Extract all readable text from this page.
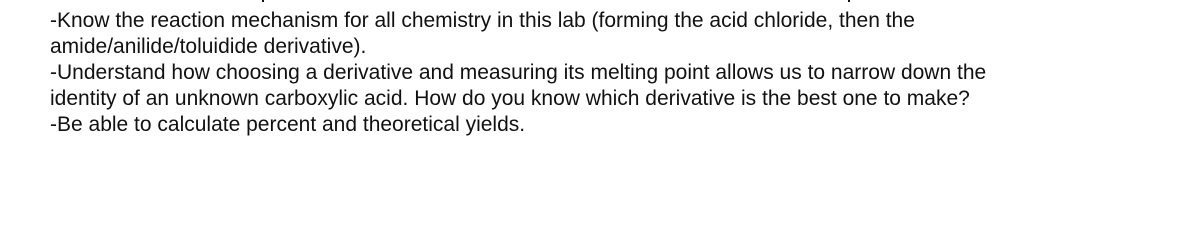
-Know the reaction mechanism for all chemistry in this lab (forming the acid chloride, then the

amide/anilide/toluidide derivative).

-Understand how choosing a derivative and measuring its melting point allows us to narrow down the

identity of an unknown carboxylic acid. How do you know which derivative is the best one to make?

-Be able to calculate percent and theoretical yields.
